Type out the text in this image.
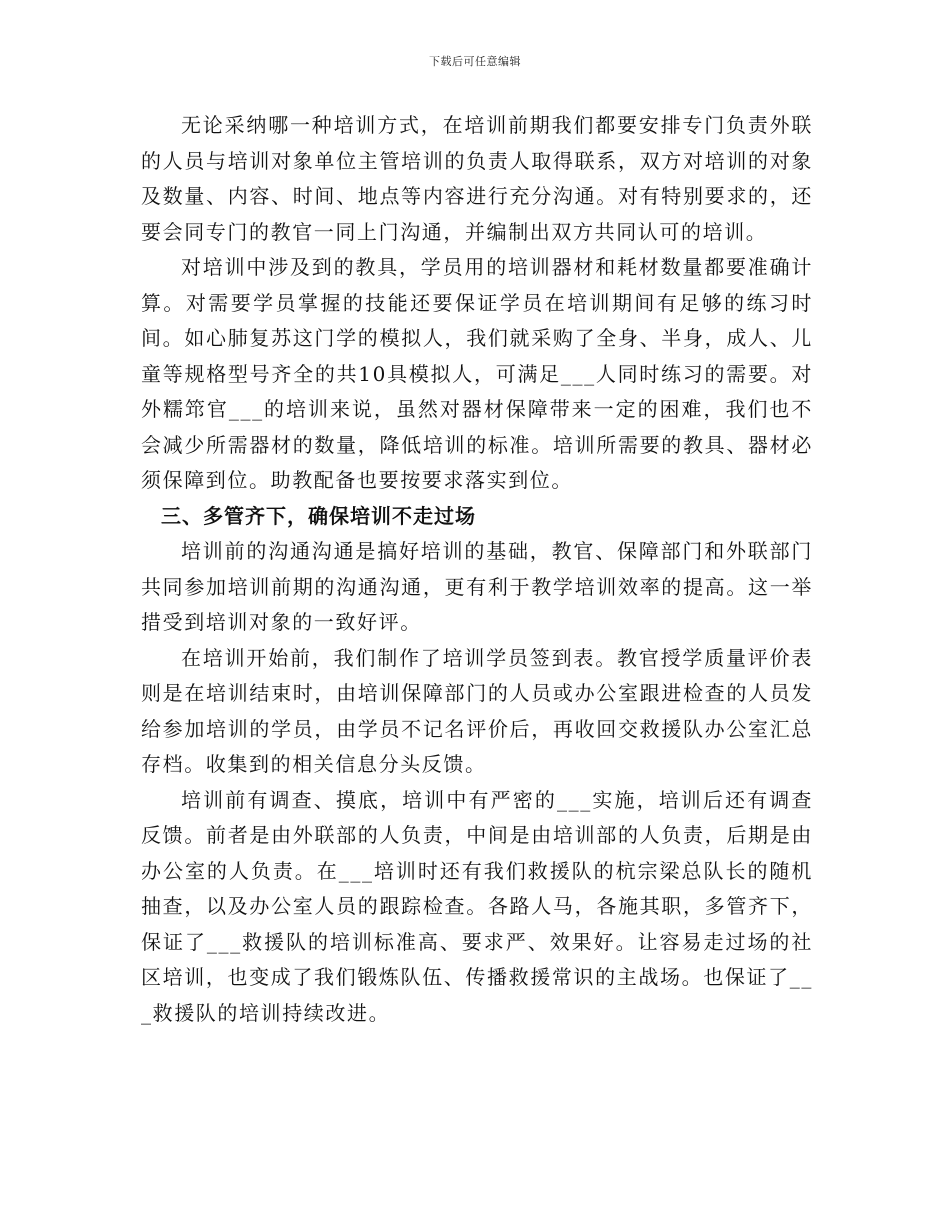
下载后可任意编辑

无论采纳哪一种培训方式，在培训前期我们都要安排专门负责外联的人员与培训对象单位主管培训的负责人取得联系，双方对培训的对象及数量、内容、时间、地点等内容进行充分沟通。对有特别要求的，还要会同专门的教官一同上门沟通，并编制出双方共同认可的培训。

对培训中涉及到的教具，学员用的培训器材和耗材数量都要准确计算。对需要学员掌握的技能还要保证学员在培训期间有足够的练习时间。如心肺复苏这门学的模拟人，我们就采购了全身、半身，成人、儿童等规格型号齐全的共10具模拟人，可满足___人同时练习的需要。对外糯筇官___的培训来说，虽然对器材保障带来一定的困难，我们也不会减少所需器材的数量，降低培训的标准。培训所需要的教具、器材必须保障到位。助教配备也要按要求落实到位。

三、多管齐下，确保培训不走过场

培训前的沟通沟通是搞好培训的基础，教官、保障部门和外联部门共同参加培训前期的沟通沟通，更有利于教学培训效率的提高。这一举措受到培训对象的一致好评。

在培训开始前，我们制作了培训学员签到表。教官授学质量评价表则是在培训结束时，由培训保障部门的人员或办公室跟进检查的人员发给参加培训的学员，由学员不记名评价后，再收回交救援队办公室汇总存档。收集到的相关信息分头反馈。

培训前有调查、摸底，培训中有严密的___实施，培训后还有调查反馈。前者是由外联部的人负责，中间是由培训部的人负责，后期是由办公室的人负责。在___培训时还有我们救援队的杭宗梁总队长的随机抽查，以及办公室人员的跟踪检查。各路人马，各施其职，多管齐下，保证了___救援队的培训标准高、要求严、效果好。让容易走过场的社区培训，也变成了我们锻炼队伍、传播救援常识的主战场。也保证了___救援队的培训持续改进。
